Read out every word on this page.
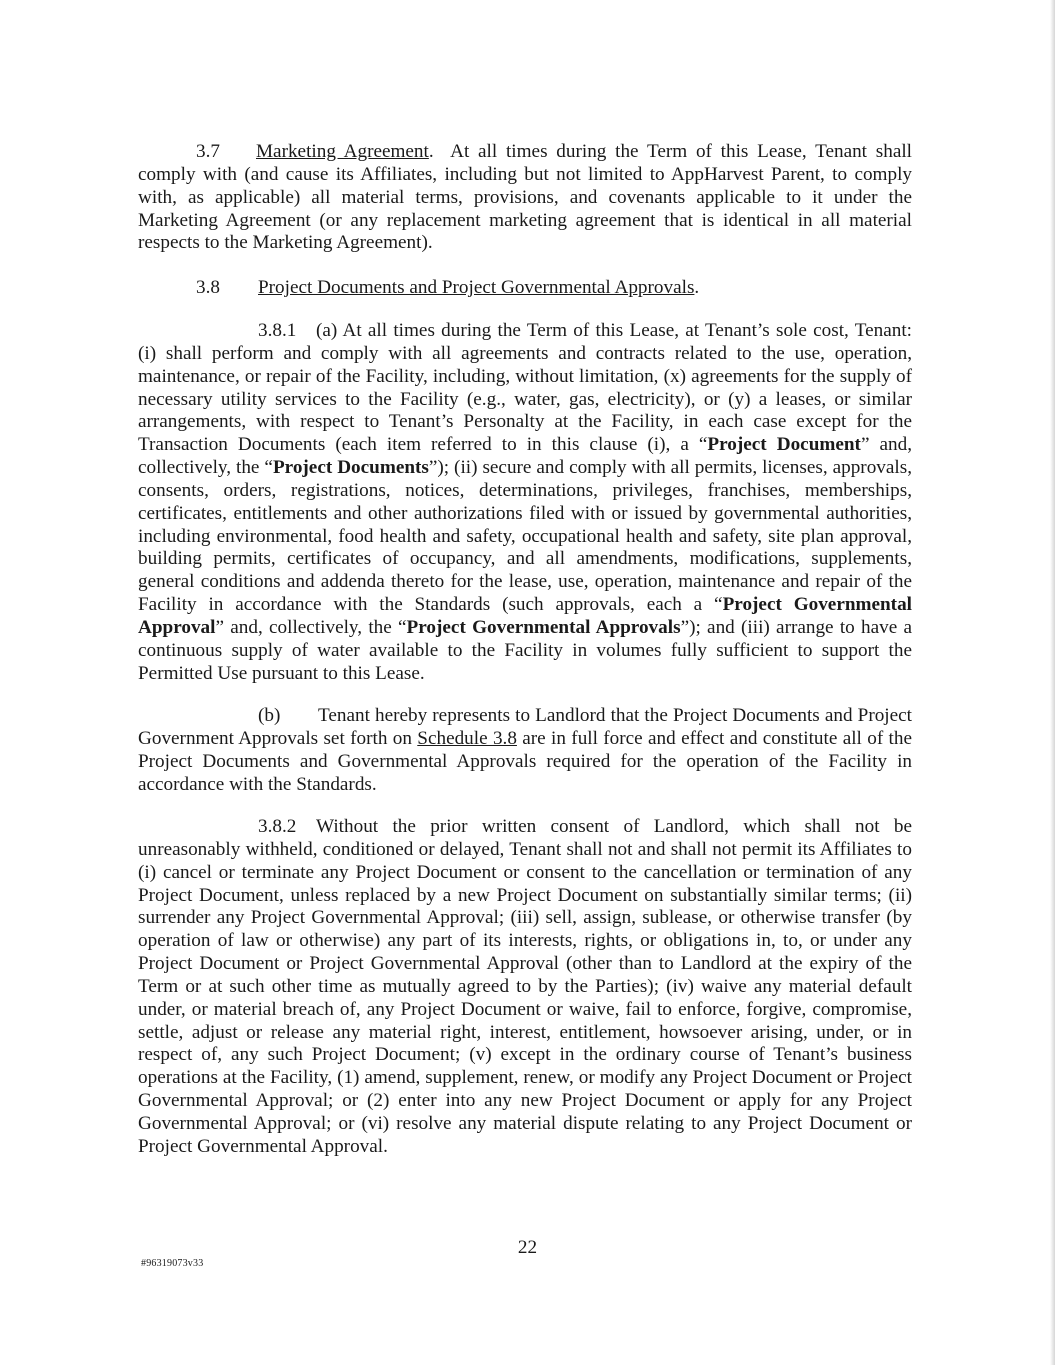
3.7 Marketing Agreement. At all times during the Term of this Lease, Tenant shall comply with (and cause its Affiliates, including but not limited to AppHarvest Parent, to comply with, as applicable) all material terms, provisions, and covenants applicable to it under the Marketing Agreement (or any replacement marketing agreement that is identical in all material respects to the Marketing Agreement).

3.8 Project Documents and Project Governmental Approvals.

3.8.1 (a) At all times during the Term of this Lease, at Tenant’s sole cost, Tenant: (i) shall perform and comply with all agreements and contracts related to the use, operation, maintenance, or repair of the Facility, including, without limitation, (x) agreements for the supply of necessary utility services to the Facility (e.g., water, gas, electricity), or (y) a leases, or similar arrangements, with respect to Tenant’s Personalty at the Facility, in each case except for the Transaction Documents (each item referred to in this clause (i), a “Project Document” and, collectively, the “Project Documents”); (ii) secure and comply with all permits, licenses, approvals, consents, orders, registrations, notices, determinations, privileges, franchises, memberships, certificates, entitlements and other authorizations filed with or issued by governmental authorities, including environmental, food health and safety, occupational health and safety, site plan approval, building permits, certificates of occupancy, and all amendments, modifications, supplements, general conditions and addenda thereto for the lease, use, operation, maintenance and repair of the Facility in accordance with the Standards (such approvals, each a “Project Governmental Approval” and, collectively, the “Project Governmental Approvals”); and (iii) arrange to have a continuous supply of water available to the Facility in volumes fully sufficient to support the Permitted Use pursuant to this Lease.

(b) Tenant hereby represents to Landlord that the Project Documents and Project Government Approvals set forth on Schedule 3.8 are in full force and effect and constitute all of the Project Documents and Governmental Approvals required for the operation of the Facility in accordance with the Standards.

3.8.2 Without the prior written consent of Landlord, which shall not be unreasonably withheld, conditioned or delayed, Tenant shall not and shall not permit its Affiliates to (i) cancel or terminate any Project Document or consent to the cancellation or termination of any Project Document, unless replaced by a new Project Document on substantially similar terms; (ii) surrender any Project Governmental Approval; (iii) sell, assign, sublease, or otherwise transfer (by operation of law or otherwise) any part of its interests, rights, or obligations in, to, or under any Project Document or Project Governmental Approval (other than to Landlord at the expiry of the Term or at such other time as mutually agreed to by the Parties); (iv) waive any material default under, or material breach of, any Project Document or waive, fail to enforce, forgive, compromise, settle, adjust or release any material right, interest, entitlement, howsoever arising, under, or in respect of, any such Project Document; (v) except in the ordinary course of Tenant’s business operations at the Facility, (1) amend, supplement, renew, or modify any Project Document or Project Governmental Approval; or (2) enter into any new Project Document or apply for any Project Governmental Approval; or (vi) resolve any material dispute relating to any Project Document or Project Governmental Approval.

22
#96319073v33
